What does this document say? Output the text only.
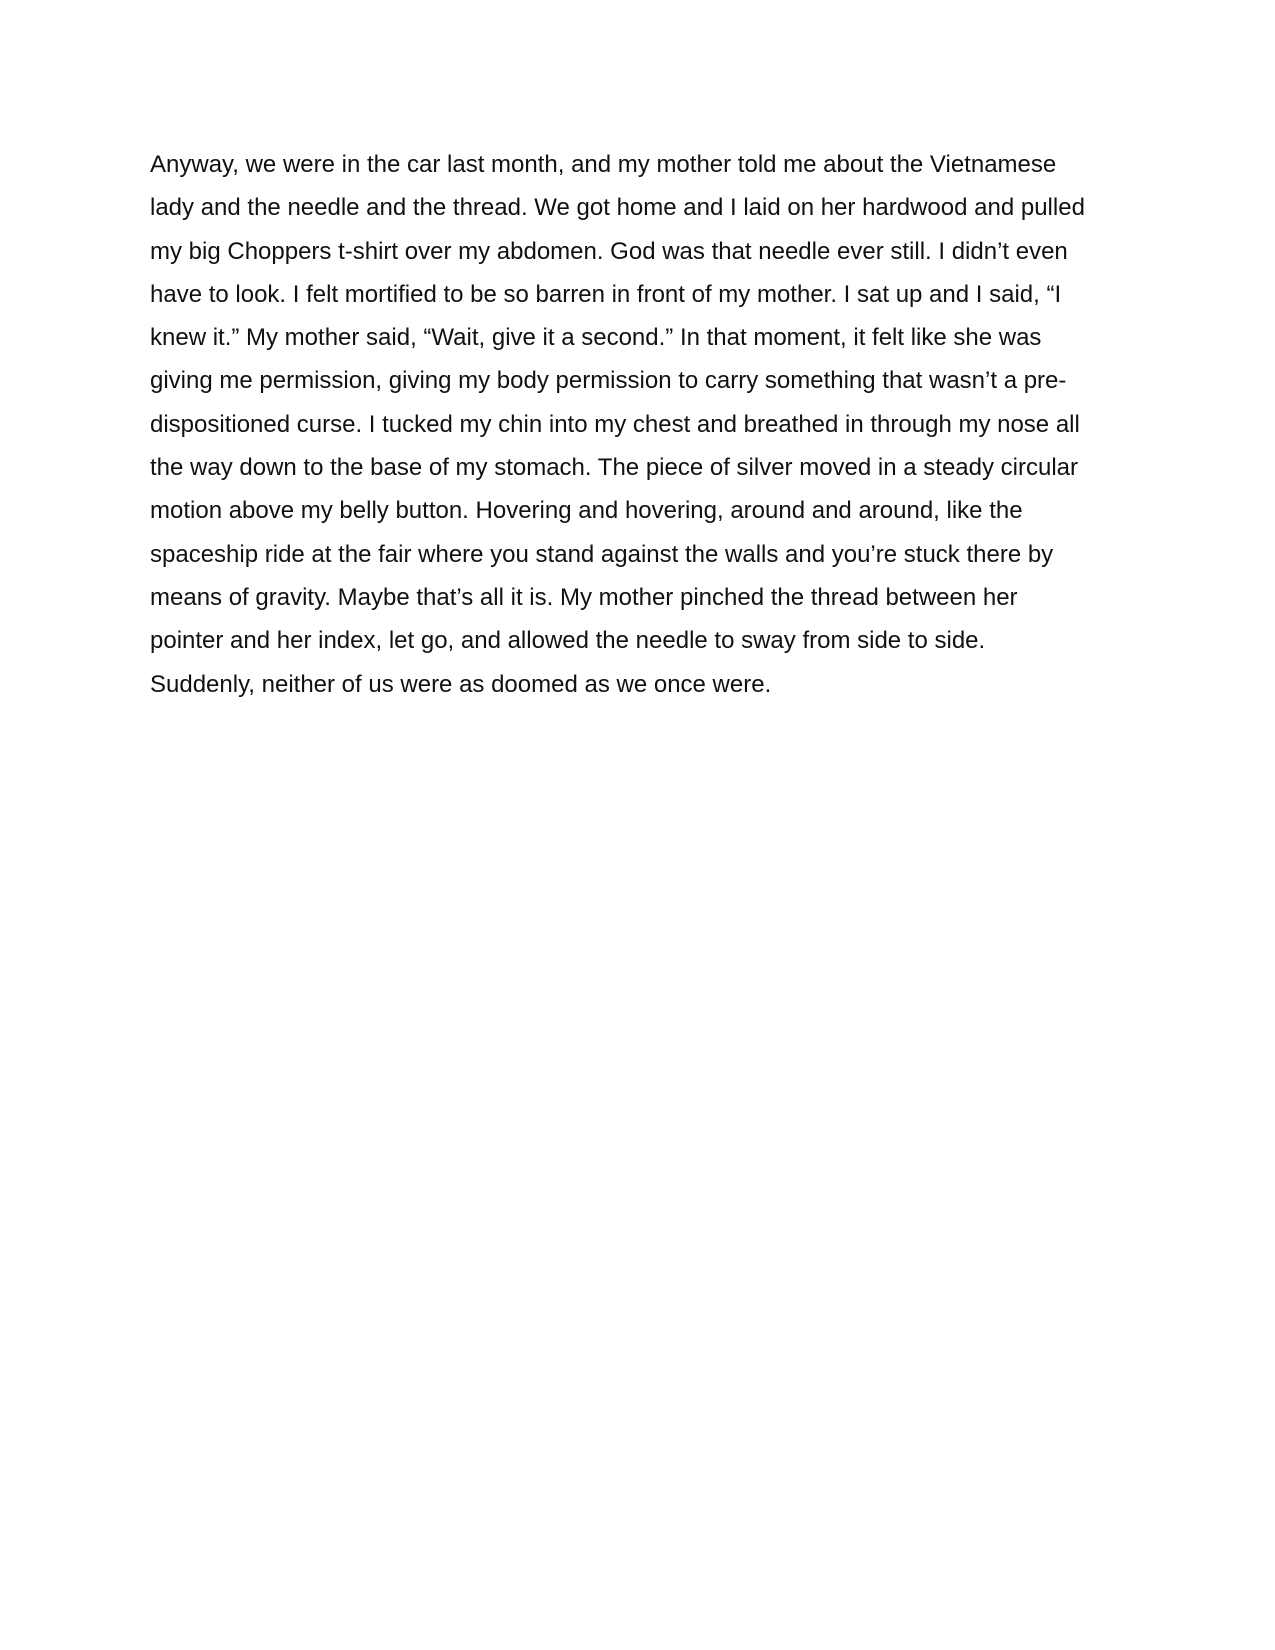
Anyway, we were in the car last month, and my mother told me about the Vietnamese
lady and the needle and the thread. We got home and I laid on her hardwood and pulled
my big Choppers t-shirt over my abdomen. God was that needle ever still. I didn’t even
have to look. I felt mortified to be so barren in front of my mother. I sat up and I said, “I
knew it.” My mother said, “Wait, give it a second.” In that moment, it felt like she was
giving me permission, giving my body permission to carry something that wasn’t a pre-
dispositioned curse. I tucked my chin into my chest and breathed in through my nose all
the way down to the base of my stomach. The piece of silver moved in a steady circular
motion above my belly button. Hovering and hovering, around and around, like the
spaceship ride at the fair where you stand against the walls and you’re stuck there by
means of gravity. Maybe that’s all it is. My mother pinched the thread between her
pointer and her index, let go, and allowed the needle to sway from side to side.
Suddenly, neither of us were as doomed as we once were.
